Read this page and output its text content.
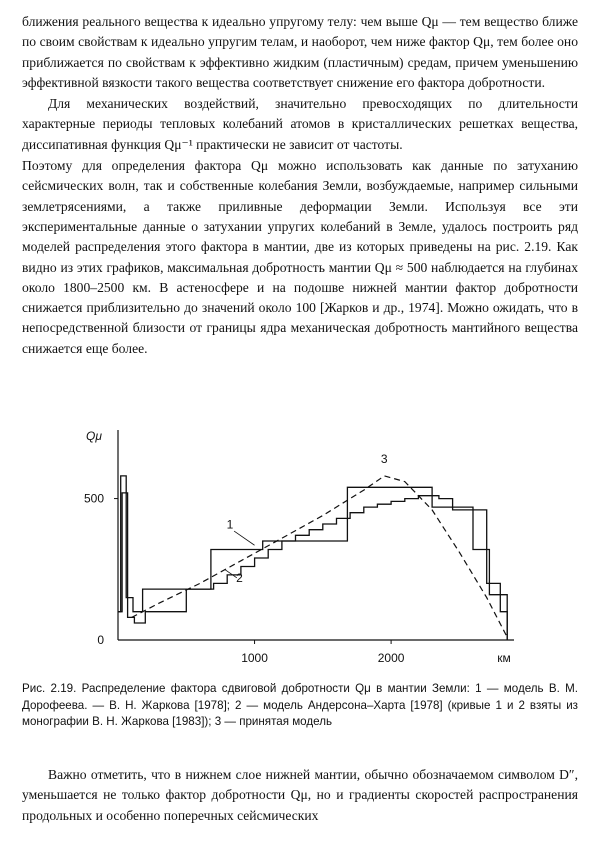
ближения реального вещества к идеально упругому телу: чем выше Qμ — тем вещество ближе по своим свойствам к идеально упругим телам, и наоборот, чем ниже фактор Qμ, тем более оно приближается по свойствам к эффективно жидким (пластичным) средам, причем уменьшению эффективной вязкости такого вещества соответствует снижение его фактора добротности.

Для механических воздействий, значительно превосходящих по длительности характерные периоды тепловых колебаний атомов в кристаллических решетках вещества, диссипативная функция Qμ⁻¹ практически не зависит от частоты.

Поэтому для определения фактора Qμ можно использовать как данные по затуханию сейсмических волн, так и собственные колебания Земли, возбуждаемые, например сильными землетрясениями, а также приливные деформации Земли. Используя все эти экспериментальные данные о затухании упругих колебаний в Земле, удалось построить ряд моделей распределения этого фактора в мантии, две из которых приведены на рис. 2.19. Как видно из этих графиков, максимальная добротность мантии Qμ ≈ 500 наблюдается на глубинах около 1800–2500 км. В астеносфере и на подошве нижней мантии фактор добротности снижается приблизительно до значений около 100 [Жарков и др., 1974]. Можно ожидать, что в непосредственной близости от границы ядра механическая добротность мантийного вещества снижается еще более.

500
0
1000	2000	км
Qμ
1
2
3
Рис. 2.19. Распределение фактора сдвиговой добротности Qμ в мантии Земли: 1 — модель В. М. Дорофеева. — В. Н. Жаркова [1978]; 2 — модель Андерсона–Харта [1978] (кривые 1 и 2 взяты из монографии В. Н. Жаркова [1983]); 3 — принятая модель

Важно отметить, что в нижнем слое нижней мантии, обычно обозначаемом символом D″, уменьшается не только фактор добротности Qμ, но и градиенты скоростей распространения продольных и особенно поперечных сейсмических
